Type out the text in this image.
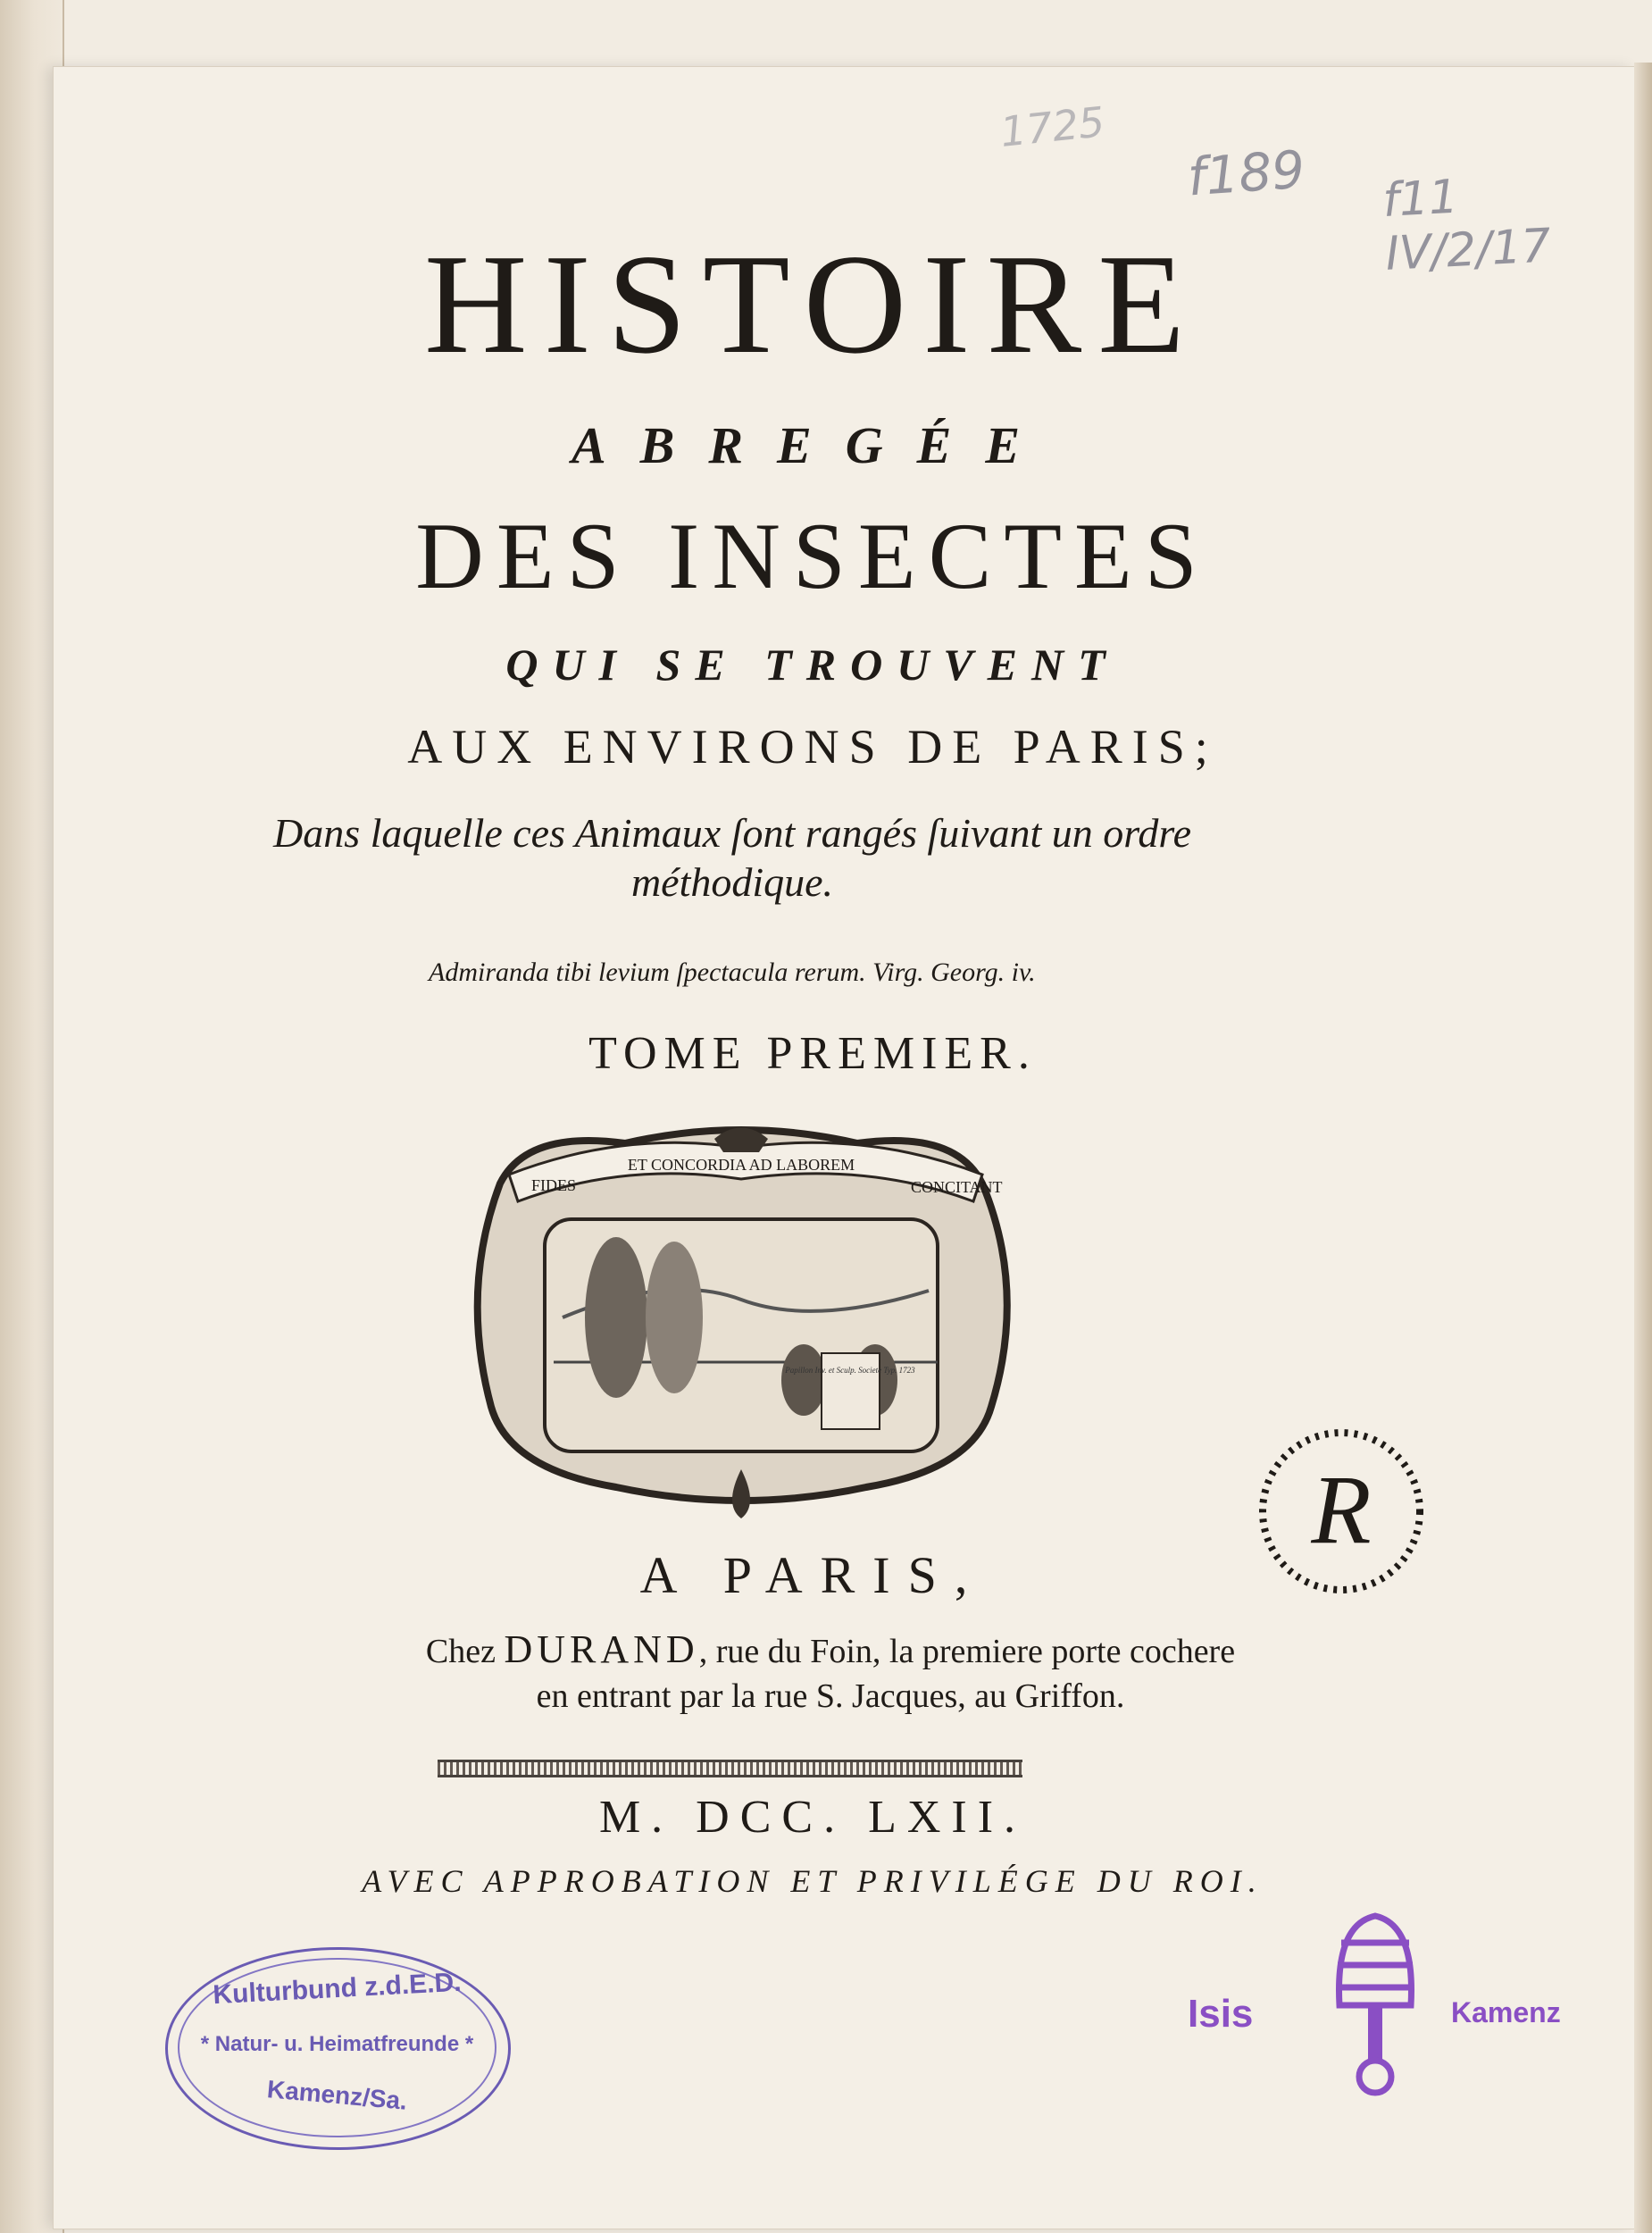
1725
f189 f11 IV/2/17
HISTOIRE
ABREGÉE
DES INSECTES
QUI SE TROUVENT
AUX ENVIRONS DE PARIS;
Dans laquelle ces Animaux ſont rangés ſuivant un ordre méthodique.
Admiranda tibi levium ſpectacula rerum. Virg. Georg. iv.
TOME PREMIER.
Papillon Inv. et Sculp. Societe Typ. 1723
FIDES
ET CONCORDIA AD LABOREM
CONCITANT
R
A PARIS,
Chez DURAND, rue du Foin, la premiere porte cochere
en entrant par la rue S. Jacques, au Griffon.
M. DCC. LXII.
AVEC APPROBATION ET PRIVILÉGE DU ROI.
Kulturbund z.d.E.D.
* Natur- u. Heimatfreunde *
Kamenz/Sa.
Isis	Kamenz
